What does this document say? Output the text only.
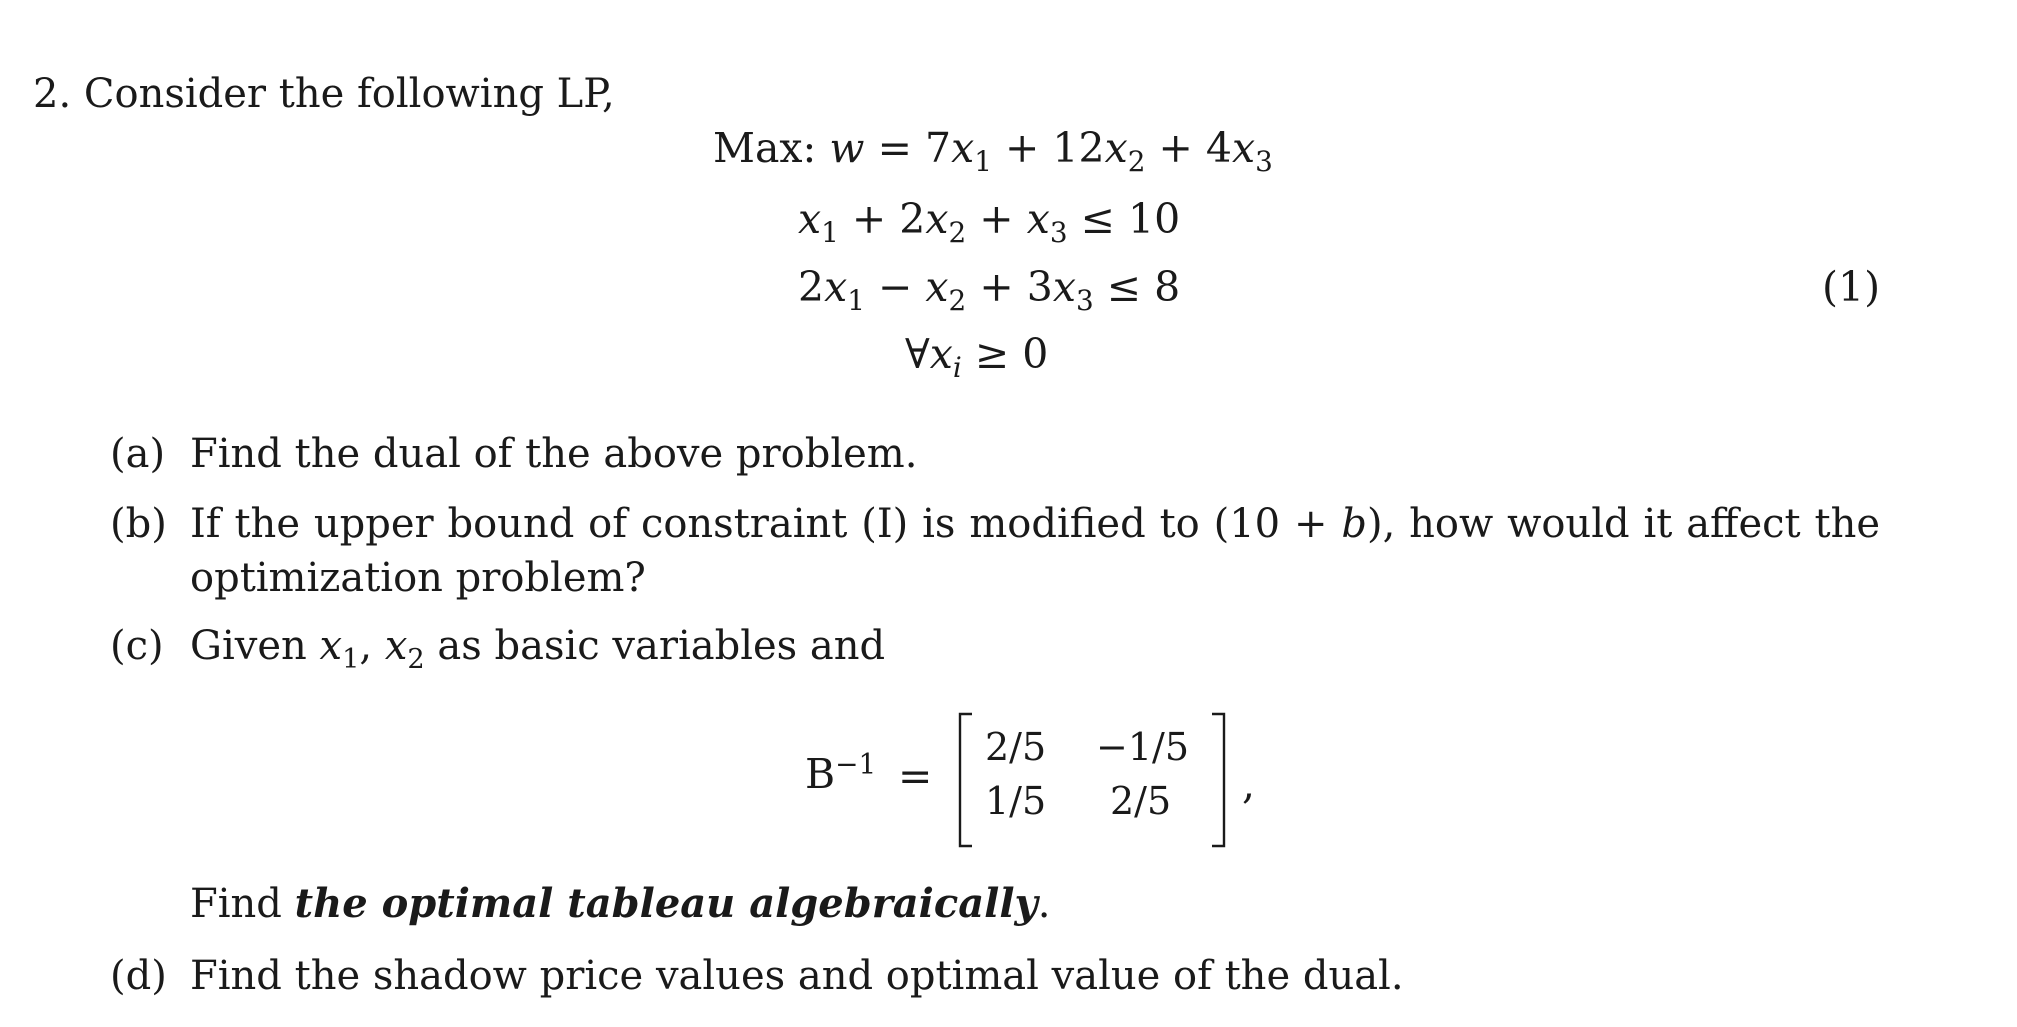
2. Consider the following LP,
Max: $w = 7x_1 + 12x_2 + 4x_3$
$x_1 + 2x_2 + x_3 \le 10$
$2x_1 - x_2 + 3x_3 \le 8$
$\forall x_i \ge 0$
(1)
(a) Find the dual of the above problem.
(b) If the upper bound of constraint (I) is modified to (10 + b), how would it affect the
optimization problem?
(c) Given $x_1$, $x_2$ as basic variables and
$B^{-1}$ =
2/5 −1/5
1/5 2/5 ,
Find the optimal tableau algebraically.
(d) Find the shadow price values and optimal value of the dual.
